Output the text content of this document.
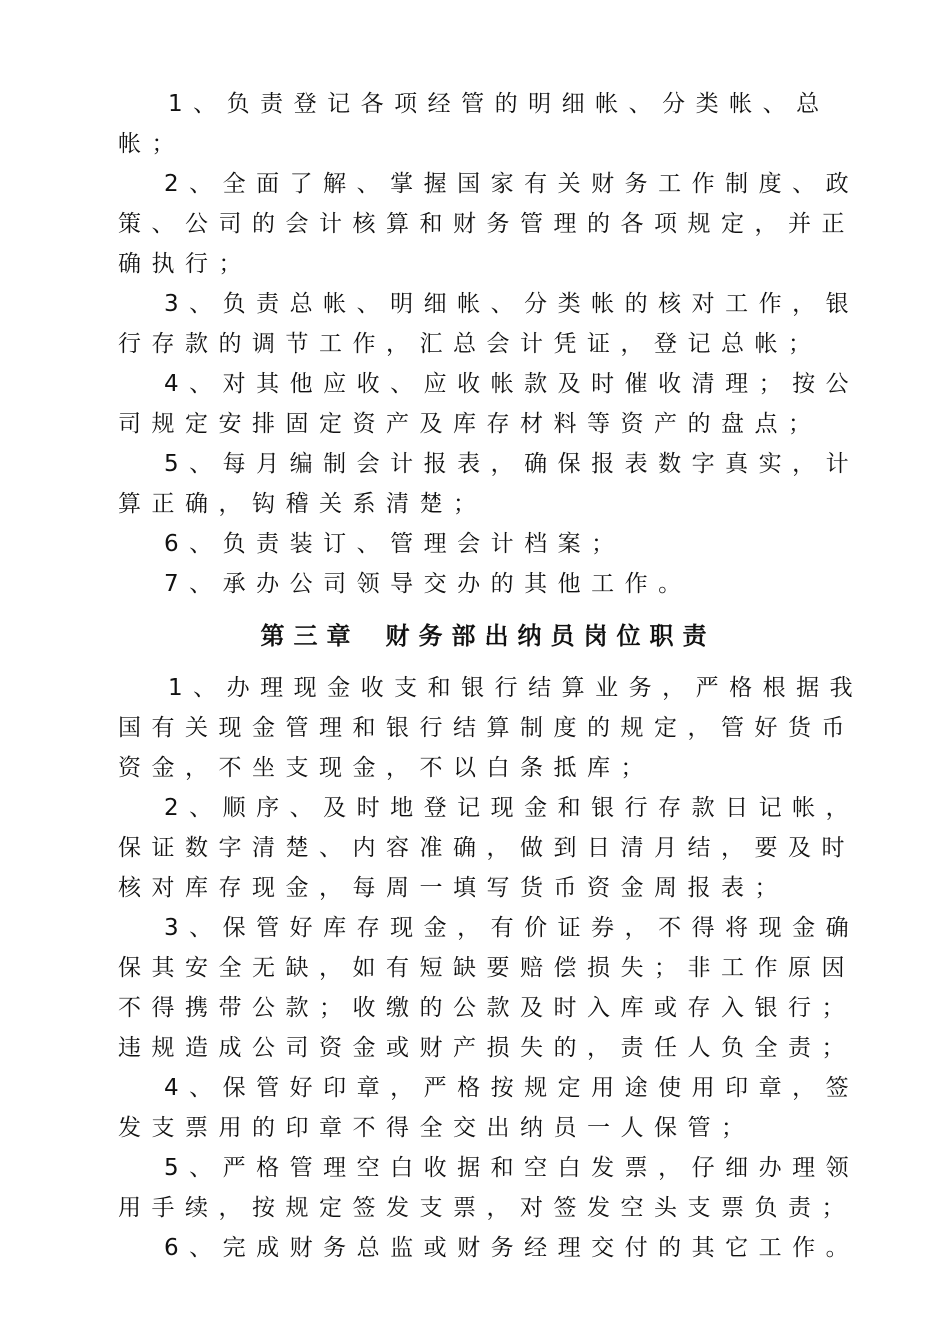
1、负责登记各项经管的明细帐、分类帐、总帐；

2、全面了解、掌握国家有关财务工作制度、政策、公司的会计核算和财务管理的各项规定，并正确执行；

3、负责总帐、明细帐、分类帐的核对工作，银行存款的调节工作，汇总会计凭证，登记总帐；

4、对其他应收、应收帐款及时催收清理；按公司规定安排固定资产及库存材料等资产的盘点；

5、每月编制会计报表，确保报表数字真实，计算正确，钩稽关系清楚；

6、负责装订、管理会计档案；

7、承办公司领导交办的其他工作。

第三章 财务部出纳员岗位职责

1、办理现金收支和银行结算业务，严格根据我国有关现金管理和银行结算制度的规定，管好货币资金，不坐支现金，不以白条抵库；

2、顺序、及时地登记现金和银行存款日记帐，保证数字清楚、内容准确，做到日清月结，要及时核对库存现金，每周一填写货币资金周报表；

3、保管好库存现金，有价证券，不得将现金确保其安全无缺，如有短缺要赔偿损失；非工作原因不得携带公款；收缴的公款及时入库或存入银行；违规造成公司资金或财产损失的，责任人负全责；

4、保管好印章，严格按规定用途使用印章，签发支票用的印章不得全交出纳员一人保管；

5、严格管理空白收据和空白发票，仔细办理领用手续，按规定签发支票，对签发空头支票负责；

6、完成财务总监或财务经理交付的其它工作。
